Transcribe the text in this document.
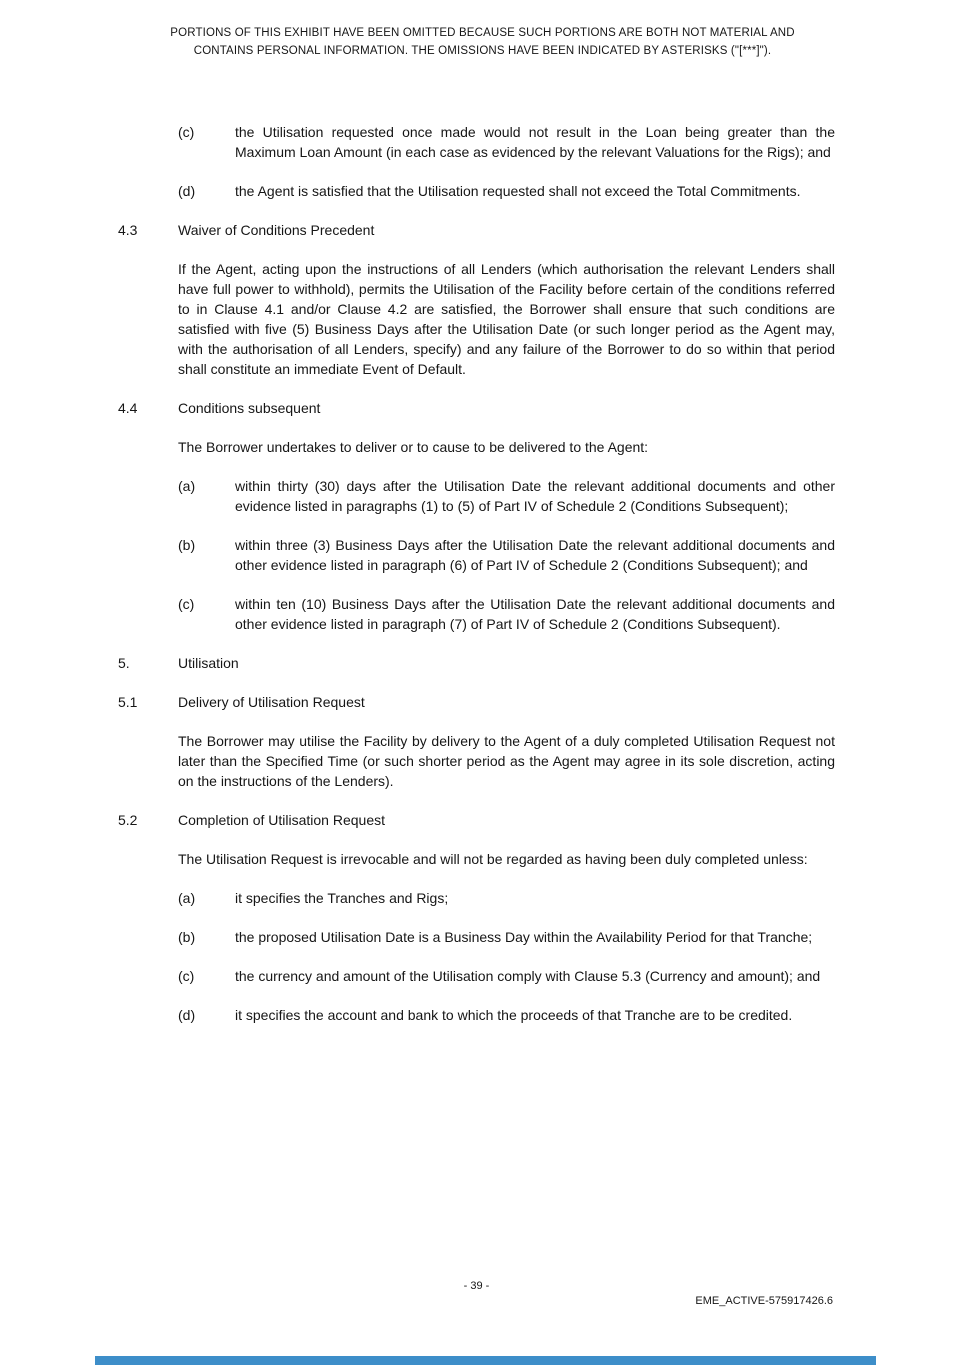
PORTIONS OF THIS EXHIBIT HAVE BEEN OMITTED BECAUSE SUCH PORTIONS ARE BOTH NOT MATERIAL AND
CONTAINS PERSONAL INFORMATION. THE OMISSIONS HAVE BEEN INDICATED BY ASTERISKS ("[***]").
(c)	the Utilisation requested once made would not result in the Loan being greater than the Maximum Loan Amount (in each case as evidenced by the relevant Valuations for the Rigs); and
(d)	the Agent is satisfied that the Utilisation requested shall not exceed the Total Commitments.
4.3	Waiver of Conditions Precedent
If the Agent, acting upon the instructions of all Lenders (which authorisation the relevant Lenders shall have full power to withhold), permits the Utilisation of the Facility before certain of the conditions referred to in Clause 4.1 and/or Clause 4.2 are satisfied, the Borrower shall ensure that such conditions are satisfied with five (5) Business Days after the Utilisation Date (or such longer period as the Agent may, with the authorisation of all Lenders, specify) and any failure of the Borrower to do so within that period shall constitute an immediate Event of Default.
4.4	Conditions subsequent
The Borrower undertakes to deliver or to cause to be delivered to the Agent:
(a)	within thirty (30) days after the Utilisation Date the relevant additional documents and other evidence listed in paragraphs (1) to (5) of Part IV of Schedule 2 (Conditions Subsequent);
(b)	within three (3) Business Days after the Utilisation Date the relevant additional documents and other evidence listed in paragraph (6) of Part IV of Schedule 2 (Conditions Subsequent); and
(c)	within ten (10) Business Days after the Utilisation Date the relevant additional documents and other evidence listed in paragraph (7) of Part IV of Schedule 2 (Conditions Subsequent).
5.	Utilisation
5.1	Delivery of Utilisation Request
The Borrower may utilise the Facility by delivery to the Agent of a duly completed Utilisation Request not later than the Specified Time (or such shorter period as the Agent may agree in its sole discretion, acting on the instructions of the Lenders).
5.2	Completion of Utilisation Request
The Utilisation Request is irrevocable and will not be regarded as having been duly completed unless:
(a)	it specifies the Tranches and Rigs;
(b)	the proposed Utilisation Date is a Business Day within the Availability Period for that Tranche;
(c)	the currency and amount of the Utilisation comply with Clause 5.3 (Currency and amount); and
(d)	it specifies the account and bank to which the proceeds of that Tranche are to be credited.
- 39 -
EME_ACTIVE-575917426.6
